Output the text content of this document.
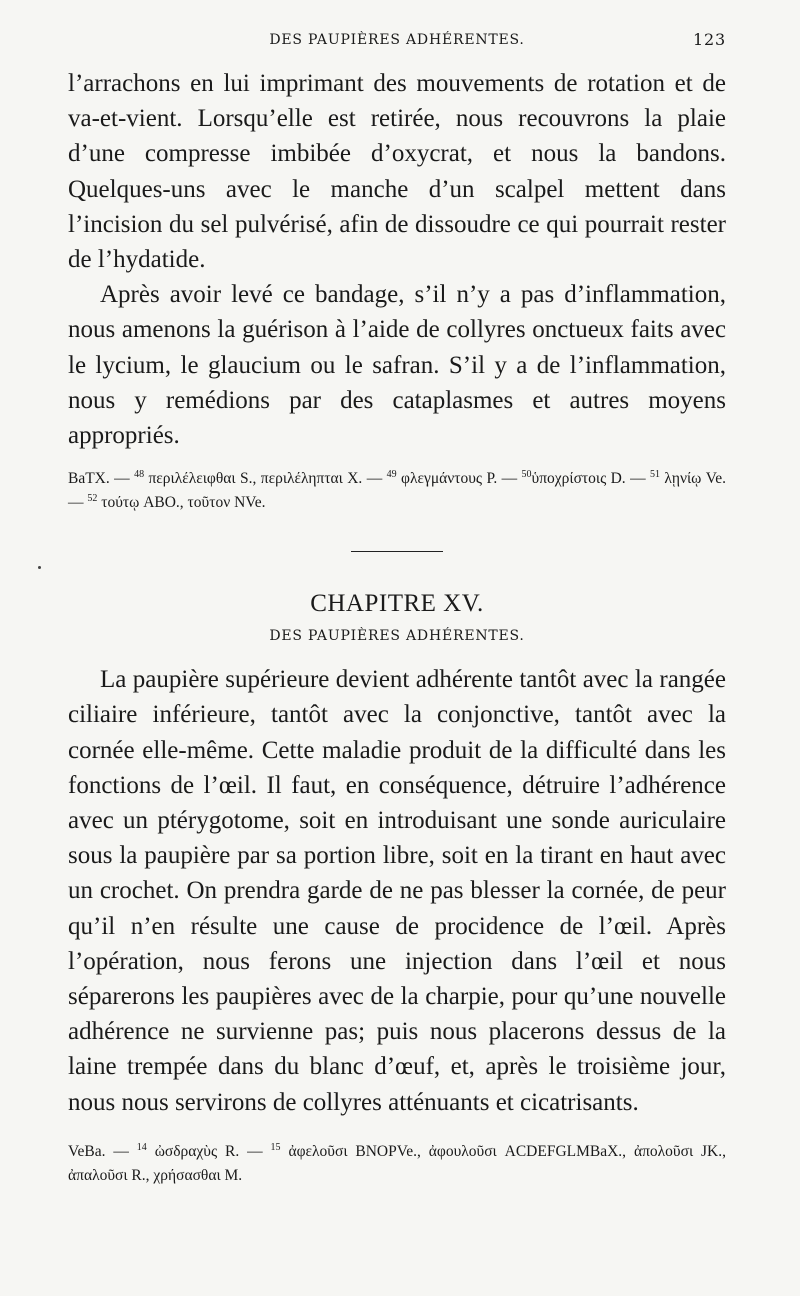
DES PAUPIÈRES ADHÉRENTES.	123

l’arrachons en lui imprimant des mouvements de rotation et de va-et-vient. Lorsqu’elle est retirée, nous recouvrons la plaie d’une compresse imbibée d’oxycrat, et nous la bandons. Quelques-uns avec le manche d’un scalpel mettent dans l’incision du sel pulvérisé, afin de dissoudre ce qui pourrait rester de l’hydatide.

Après avoir levé ce bandage, s’il n’y a pas d’inflammation, nous amenons la guérison à l’aide de collyres onctueux faits avec le lycium, le glaucium ou le safran. S’il y a de l’inflammation, nous y remédions par des cataplasmes et autres moyens appropriés.

BaTX. — $^{48}$ περιλέλειφθαι S., περιλέληπται X. — $^{49}$ φλεγμάντους P. — $^{50}$ὑποχρίστοις D. — $^{51}$ λῃνίῳ Ve. — $^{52}$ τούτῳ ABO., τοῦτον NVe.

CHAPITRE XV.

DES PAUPIÈRES ADHÉRENTES.

La paupière supérieure devient adhérente tantôt avec la rangée ciliaire inférieure, tantôt avec la conjonctive, tantôt avec la cornée elle-même. Cette maladie produit de la difficulté dans les fonctions de l’œil. Il faut, en conséquence, détruire l’adhérence avec un ptérygotome, soit en introduisant une sonde auriculaire sous la paupière par sa portion libre, soit en la tirant en haut avec un crochet. On prendra garde de ne pas blesser la cornée, de peur qu’il n’en résulte une cause de procidence de l’œil. Après l’opération, nous ferons une injection dans l’œil et nous séparerons les paupières avec de la charpie, pour qu’une nouvelle adhérence ne survienne pas; puis nous placerons dessus de la laine trempée dans du blanc d’œuf, et, après le troisième jour, nous nous servirons de collyres atténuants et cicatrisants.

VeBa. — $^{14}$ ὠσδραχὺς R. — $^{15}$ ἀφελοῦσι BNOPVe., ἀφουλοῦσι ACDEFGLMBaX., ἀπολοῦσι JK., ἀπαλοῦσι R., χρήσασθαι M.
